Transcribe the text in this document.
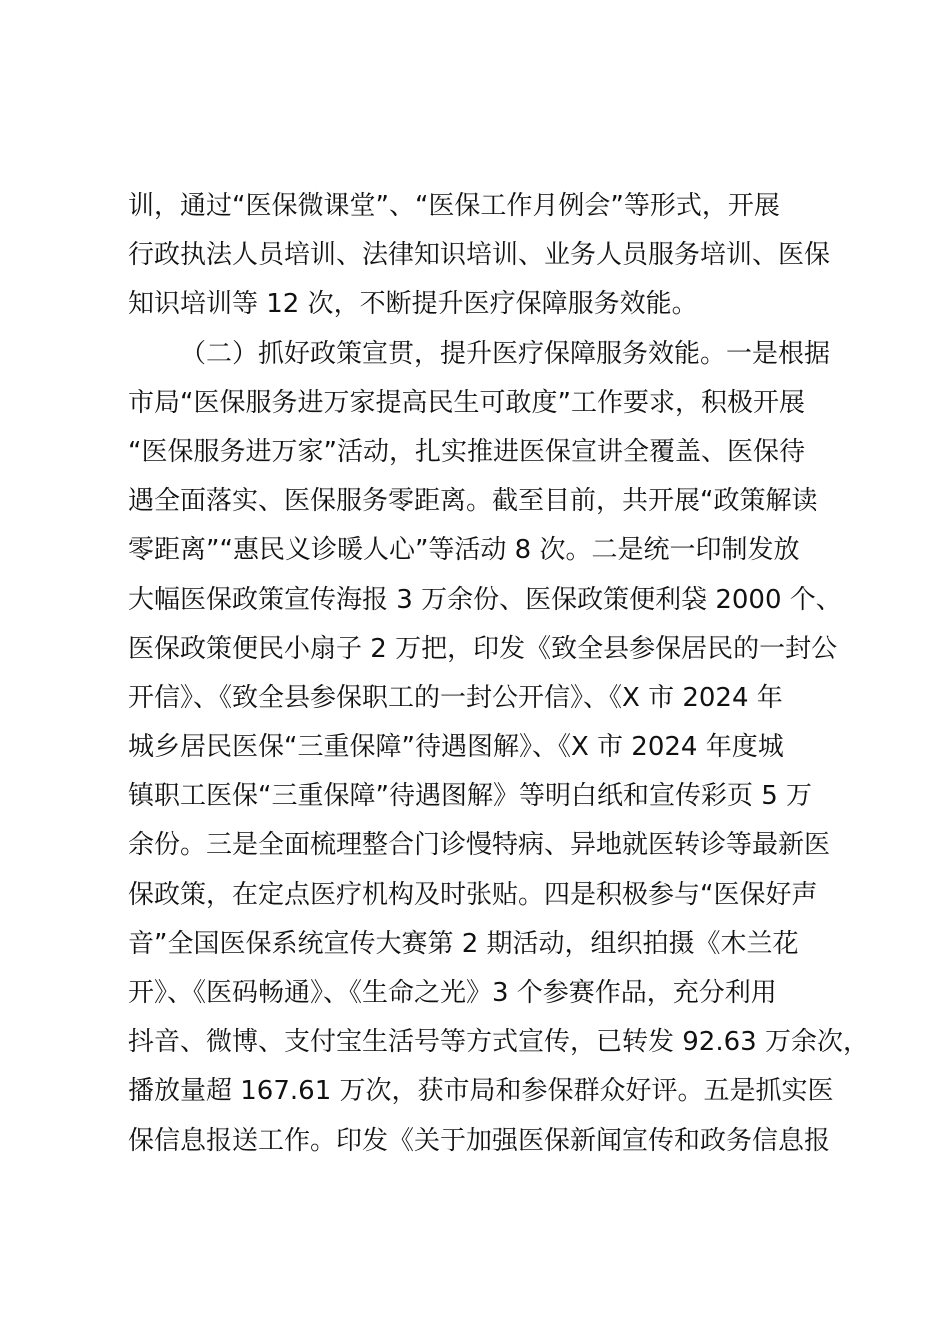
训，通过“医保微课堂”、“医保工作月例会”等形式，开展
行政执法人员培训、法律知识培训、业务人员服务培训、医保
知识培训等 12 次，不断提升医疗保障服务效能。
（二）抓好政策宣贯，提升医疗保障服务效能。一是根据
市局“医保服务进万家提高民生可敢度”工作要求，积极开展
“医保服务进万家”活动，扎实推进医保宣讲全覆盖、医保待
遇全面落实、医保服务零距离。截至目前，共开展“政策解读
零距离”“惠民义诊暖人心”等活动 8 次。二是统一印制发放
大幅医保政策宣传海报 3 万余份、医保政策便利袋 2000 个、
医保政策便民小扇子 2 万把，印发《致全县参保居民的一封公
开信》、《致全县参保职工的一封公开信》、《X 市 2024 年
城乡居民医保“三重保障”待遇图解》、《X 市 2024 年度城
镇职工医保“三重保障”待遇图解》等明白纸和宣传彩页 5 万
余份。三是全面梳理整合门诊慢特病、异地就医转诊等最新医
保政策，在定点医疗机构及时张贴。四是积极参与“医保好声
音”全国医保系统宣传大赛第 2 期活动，组织拍摄《木兰花
开》、《医码畅通》、《生命之光》3 个参赛作品，充分利用
抖音、微博、支付宝生活号等方式宣传，已转发 92.63 万余次，
播放量超 167.61 万次，获市局和参保群众好评。五是抓实医
保信息报送工作。印发《关于加强医保新闻宣传和政务信息报
